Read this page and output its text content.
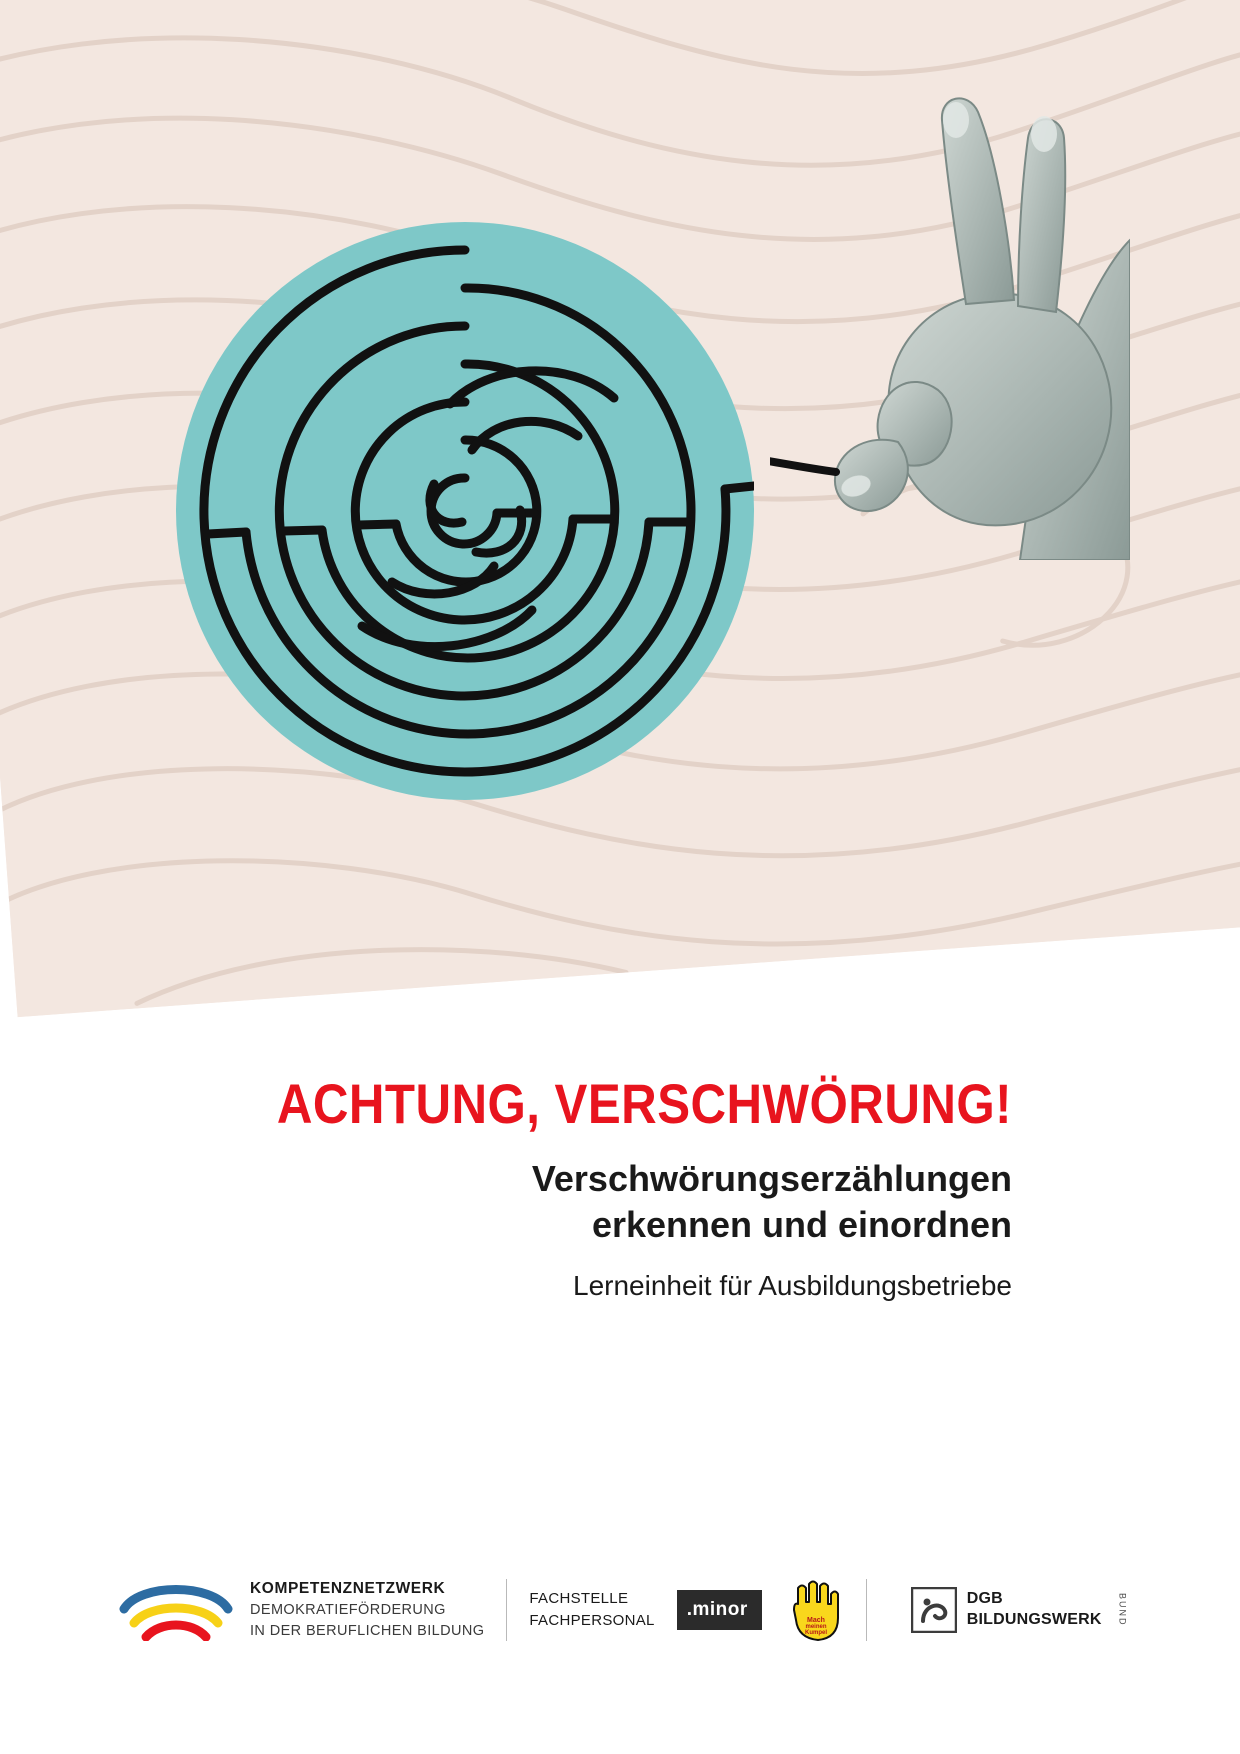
ACHTUNG, VERSCHWÖRUNG!
Verschwörungserzählungen
erkennen und einordnen

Lerneinheit für Ausbildungsbetriebe

KOMPETENZNETZWERK
DEMOKRATIEFÖRDERUNG
IN DER BERUFLICHEN BILDUNG
FACHSTELLE
FACHPERSONAL
.minor
Mach
meinen
Kumpel
DGB
BILDUNGSWERK BUND
